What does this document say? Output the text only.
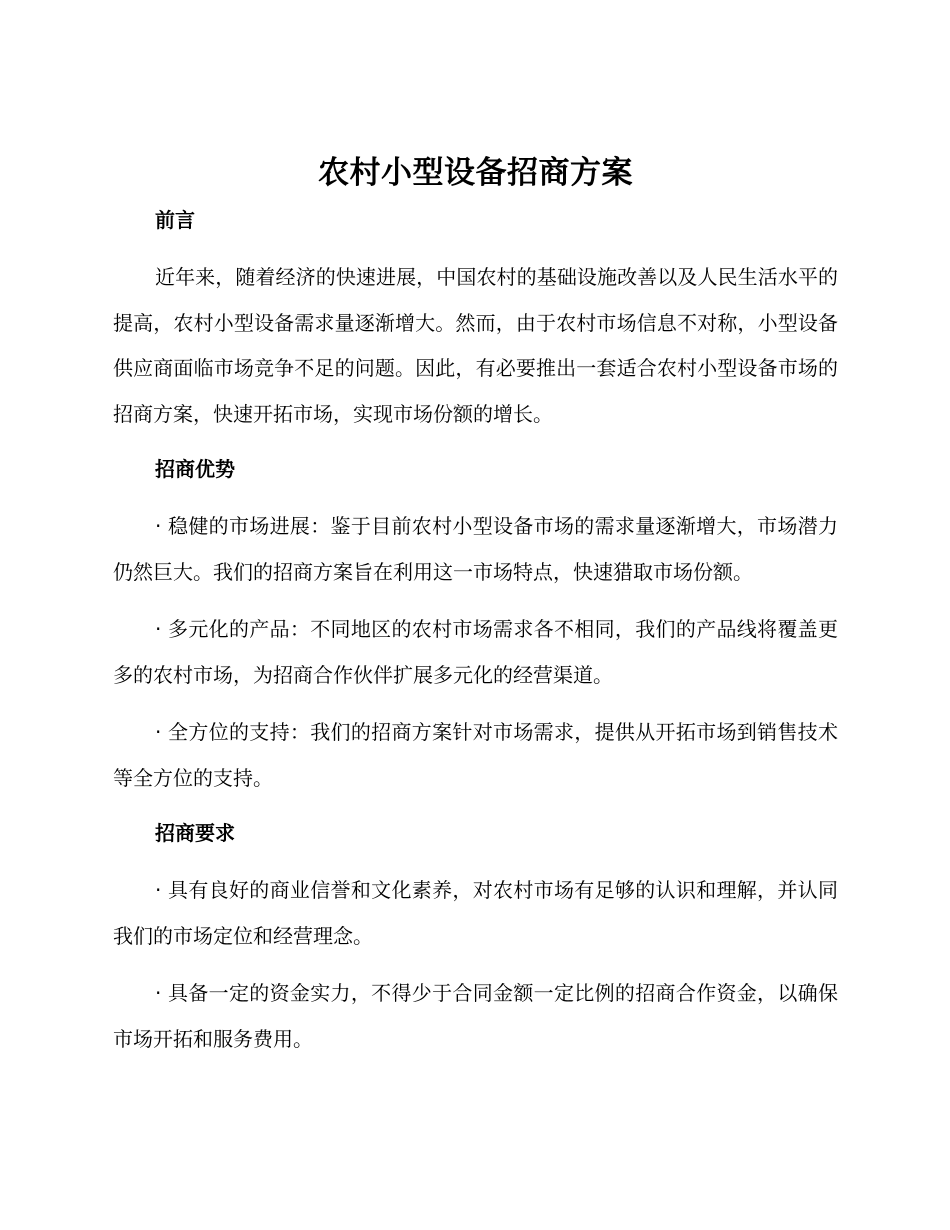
农村小型设备招商方案
前言

近年来，随着经济的快速进展，中国农村的基础设施改善以及人民生活水平的提高，农村小型设备需求量逐渐增大。然而，由于农村市场信息不对称，小型设备供应商面临市场竞争不足的问题。因此，有必要推出一套适合农村小型设备市场的招商方案，快速开拓市场，实现市场份额的增长。

招商优势

· 稳健的市场进展：鉴于目前农村小型设备市场的需求量逐渐增大，市场潜力仍然巨大。我们的招商方案旨在利用这一市场特点，快速猎取市场份额。

· 多元化的产品：不同地区的农村市场需求各不相同，我们的产品线将覆盖更多的农村市场，为招商合作伙伴扩展多元化的经营渠道。

· 全方位的支持：我们的招商方案针对市场需求，提供从开拓市场到销售技术等全方位的支持。

招商要求

· 具有良好的商业信誉和文化素养，对农村市场有足够的认识和理解，并认同我们的市场定位和经营理念。

· 具备一定的资金实力，不得少于合同金额一定比例的招商合作资金，以确保市场开拓和服务费用。
